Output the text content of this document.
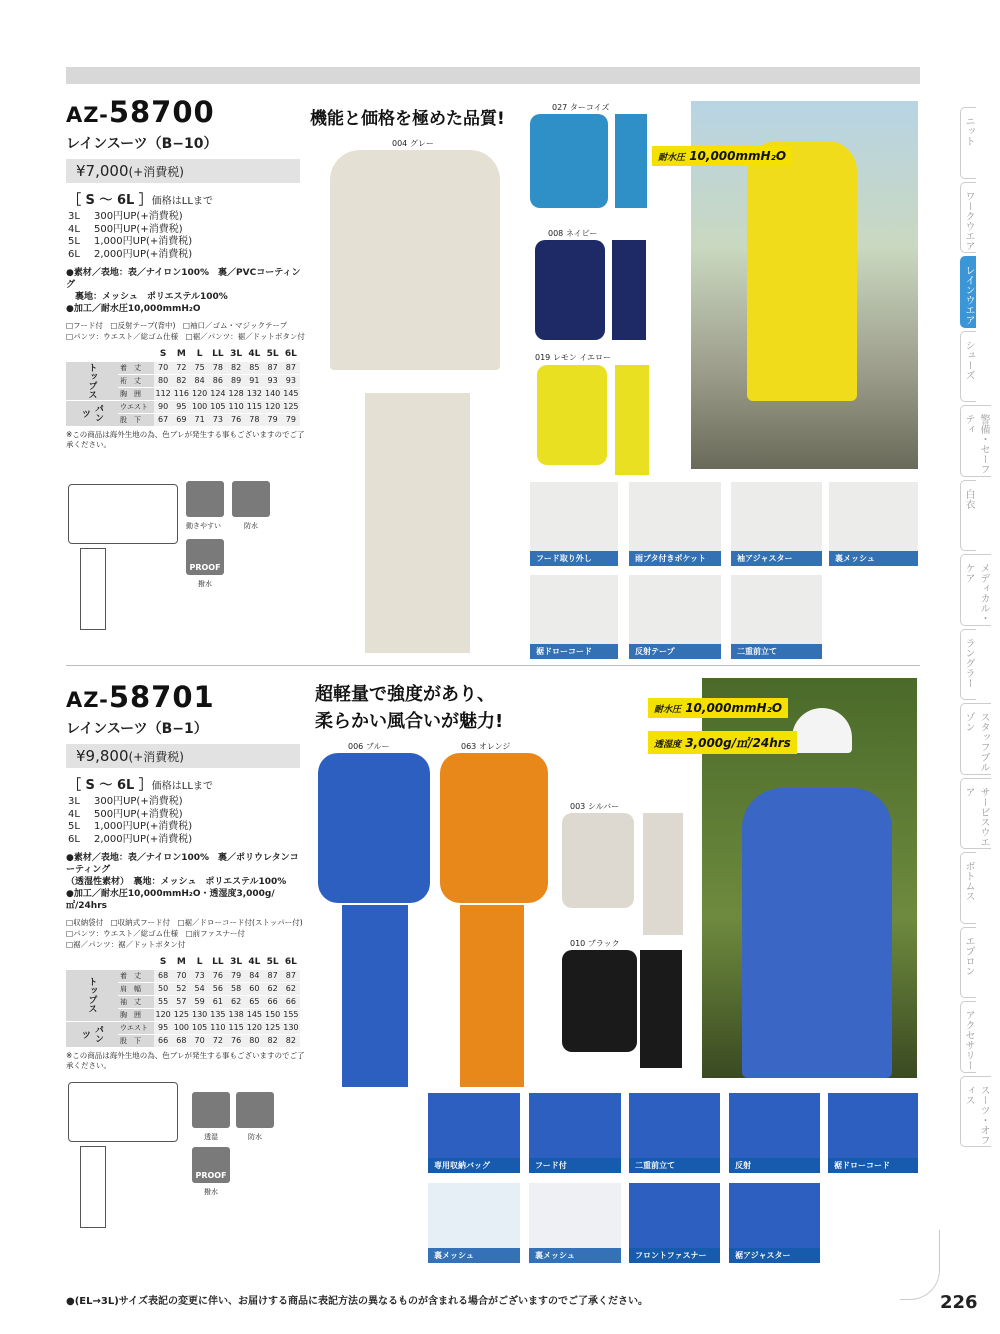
AZ-58700
レインスーツ（B−10）
¥7,000(+消費税)
［ S ～ 6L ］価格はLLまで
3L	300円UP(+消費税)
4L	500円UP(+消費税)
5L	1,000円UP(+消費税)
6L	2,000円UP(+消費税)
●素材／表地：表／ナイロン100%　裏／PVCコーティング
　裏地：メッシュ　ポリエステル100%
●加工／耐水圧10,000mmH₂O
□フード付　□反射テープ(背中)　□袖口／ゴム・マジックテープ
□パンツ：ウエスト／総ゴム仕様　□裾／パンツ：裾／ドットボタン付
		S	M	L	LL	3L	4L	5L	6L
トップス	着　丈	70	72	75	78	82	85	87	87
	裄　丈	80	82	84	86	89	91	93	93
	胸　囲	112	116	120	124	128	132	140	145
パンツ	ウエスト	90	95	100	105	110	115	120	125
	股　下	67	69	71	73	76	78	79	79
※この商品は海外生地の為、色ブレが発生する事もございますのでご了承ください。
動きやすい	防水
PROOF
撥水
機能と価格を極めた品質!
004 グレー
027 ターコイズ
008 ネイビー
019 レモン イエロー
耐水圧 10,000mmH₂O
フード取り外し	雨ブタ付きポケット	袖アジャスター	裏メッシュ
裾ドローコード	反射テープ	二重前立て
AZ-58701
レインスーツ（B−1）
¥9,800(+消費税)
［ S ～ 6L ］価格はLLまで
3L	300円UP(+消費税)
4L	500円UP(+消費税)
5L	1,000円UP(+消費税)
6L	2,000円UP(+消費税)
●素材／表地：表／ナイロン100%　裏／ポリウレタンコーティング
（透湿性素材）　裏地：メッシュ　ポリエステル100%
●加工／耐水圧10,000mmH₂O・透湿度3,000g/㎡/24hrs
□収納袋付　□収納式フード付　□裾／ドローコード付(ストッパー付)
□パンツ：ウエスト／総ゴム仕様　□前ファスナー付
□裾／パンツ：裾／ドットボタン付
		S	M	L	LL	3L	4L	5L	6L
トップス	着　丈	68	70	73	76	79	84	87	87
	肩　幅	50	52	54	56	58	60	62	62
	袖　丈	55	57	59	61	62	65	66	66
	胸　囲	120	125	130	135	138	145	150	155
パンツ	ウエスト	95	100	105	110	115	120	125	130
	股　下	66	68	70	72	76	80	82	82
※この商品は海外生地の為、色ブレが発生する事もございますのでご了承ください。
透湿	防水
PROOF
撥水
超軽量で強度があり、
柔らかい風合いが魅力!
006 ブルー	063 オレンジ
003 シルバー
010 ブラック
耐水圧 10,000mmH₂O
透湿度 3,000g/㎡/24hrs
専用収納バッグ	フード付	二重前立て	反射	裾ドローコード
裏メッシュ	裏メッシュ	フロントファスナー	裾アジャスター
ニット
ワークウエア
レインウエア
シューズ
警備・セーフティ
白衣
メディカル・ケア
ラングラー
スタッフブルゾン
サービスウエア
ボトムス
エプロン
アクセサリー
スーツ・オフィス
●(EL→3L)サイズ表記の変更に伴い、お届けする商品に表記方法の異なるものが含まれる場合がございますのでご了承ください。	226
